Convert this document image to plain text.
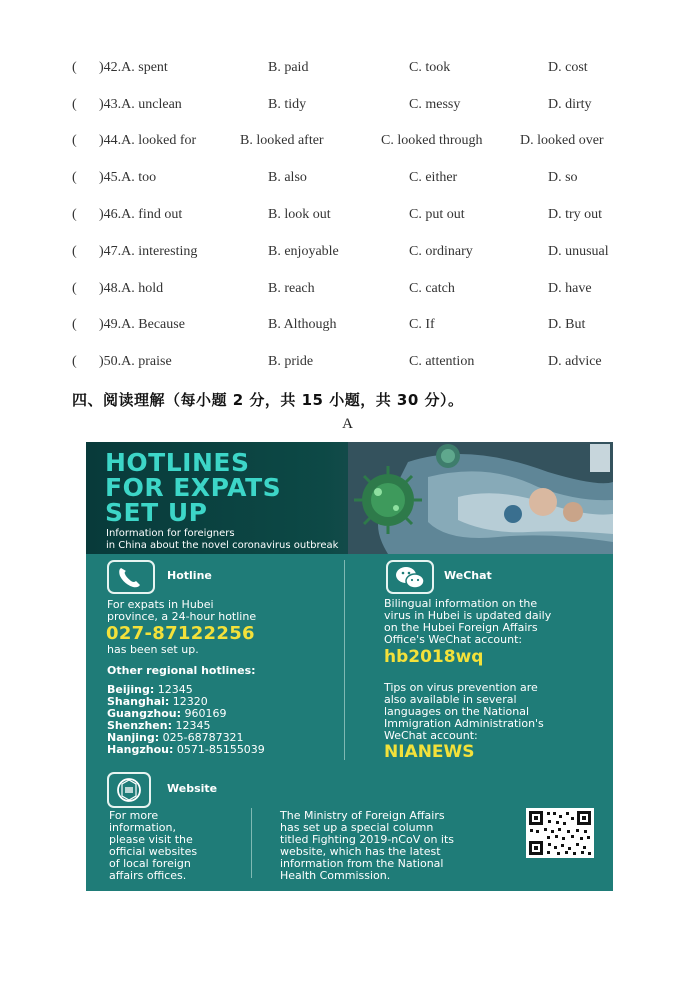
( )42.A. spent	B. paid	C. took	D. cost
( )43.A. unclean	B. tidy	C. messy	D. dirty
( )44.A. looked for	B. looked after	C. looked through	D. looked over
( )45.A. too	B. also	C. either	D. so
( )46.A. find out	B. look out	C. put out	D. try out
( )47.A. interesting	B. enjoyable	C. ordinary	D. unusual
( )48.A. hold	B. reach	C. catch	D. have
( )49.A. Because	B. Although	C. If	D. But
( )50.A. praise	B. pride	C. attention	D. advice
四、阅读理解（每小题 2 分，共 15 小题，共 30 分）。
A
HOTLINES
FOR EXPATS
SET UP
Information for foreigners
in China about the novel coronavirus outbreak
Hotline
For expats in Hubei
province, a 24-hour hotline
027-87122256
has been set up.
Other regional hotlines:
Beijing: 12345
Shanghai: 12320
Guangzhou: 960169
Shenzhen: 12345
Nanjing: 025-68787321
Hangzhou: 0571-85155039
WeChat
Bilingual information on the
virus in Hubei is updated daily
on the Hubei Foreign Affairs
Office's WeChat account:
hb2018wq
Tips on virus prevention are
also available in several
languages on the National
Immigration Administration's
WeChat account:
NIANEWS
Website
For more
information,
please visit the
official websites
of local foreign
affairs offices.
The Ministry of Foreign Affairs
has set up a special column
titled Fighting 2019-nCoV on its
website, which has the latest
information from the National
Health Commission.
